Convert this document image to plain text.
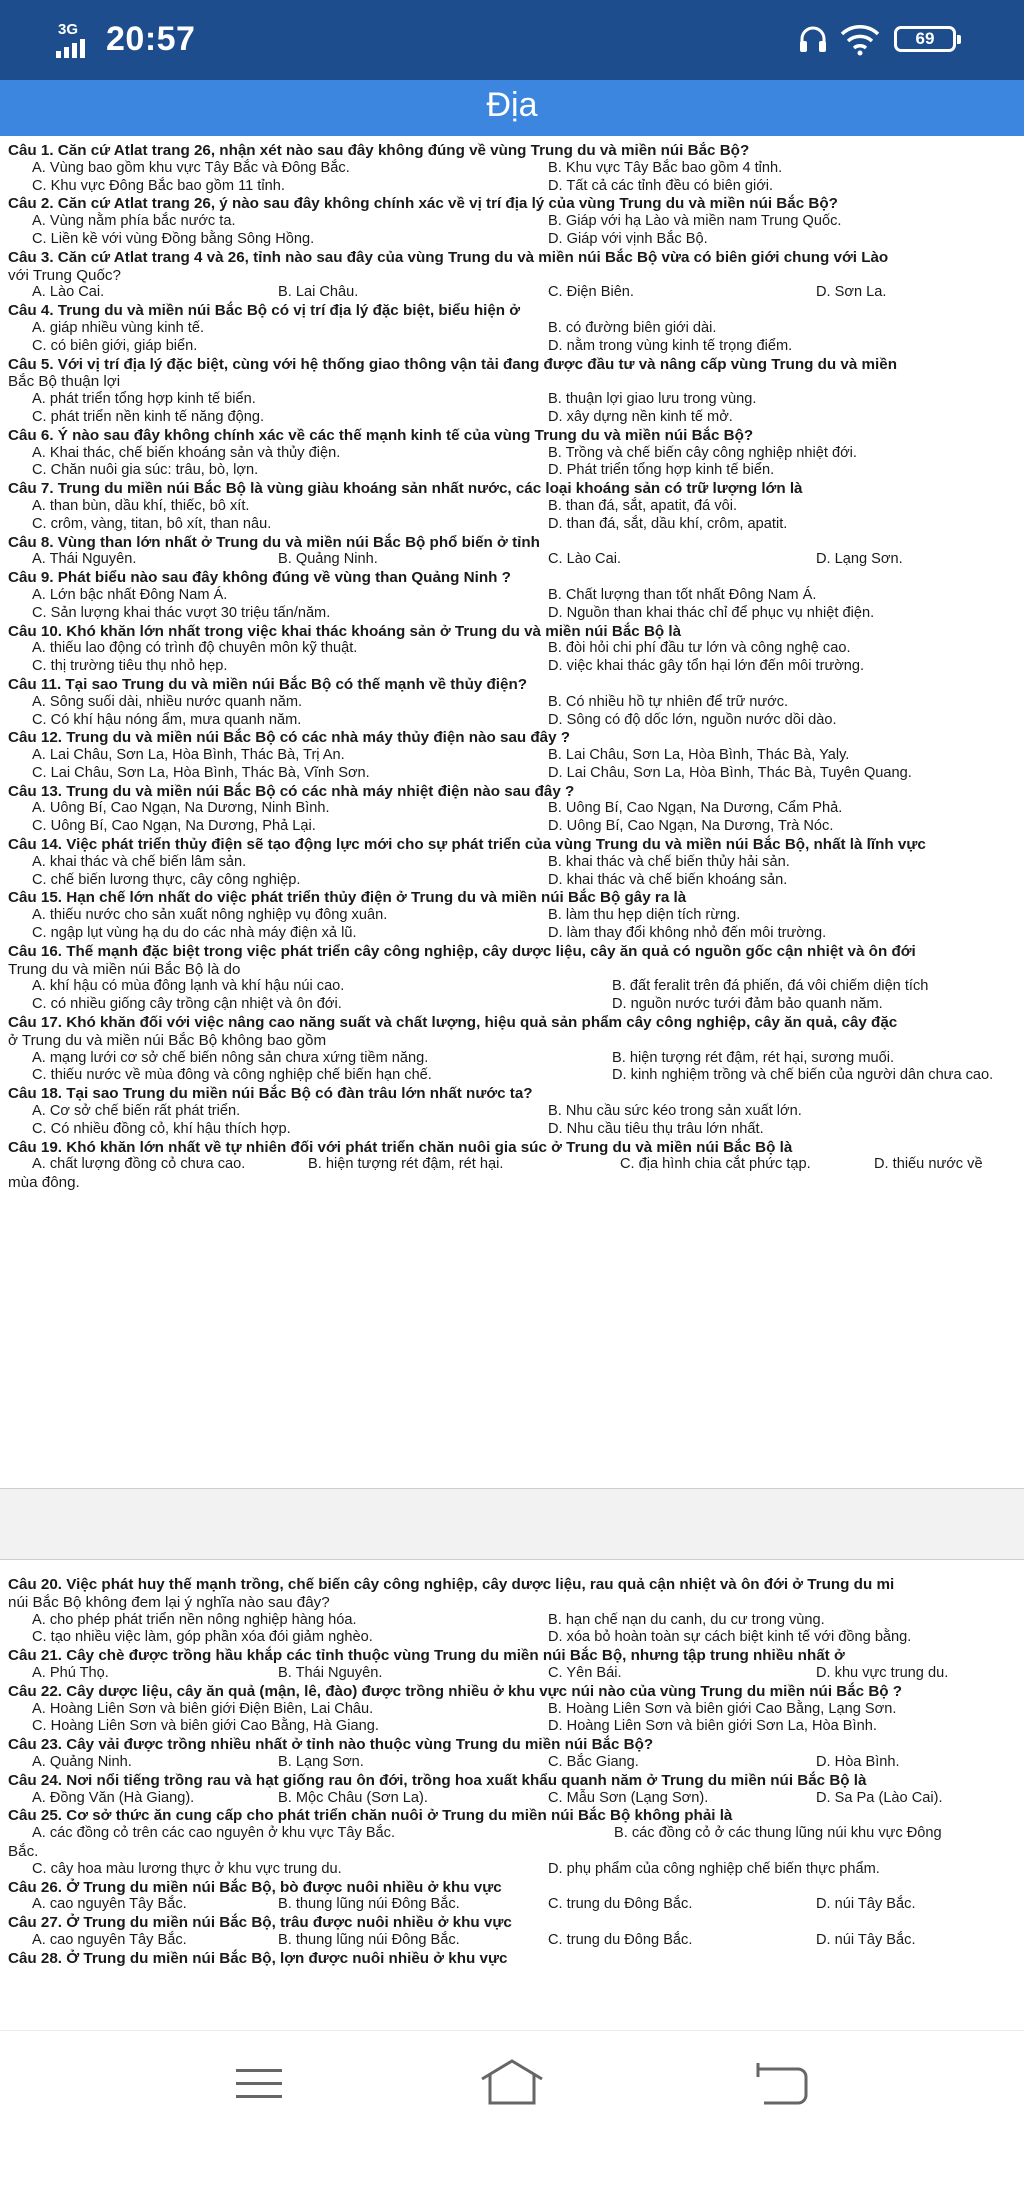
3G 20:57	69
Địa
Câu 1. Căn cứ Atlat trang 26, nhận xét nào sau đây không đúng về vùng Trung du và miền núi Bắc Bộ?
A. Vùng bao gồm khu vực Tây Bắc và Đông Bắc.	B. Khu vực Tây Bắc bao gồm 4 tỉnh.
C. Khu vực Đông Bắc bao gồm 11 tỉnh.	D. Tất cả các tỉnh đều có biên giới.
Câu 2. Căn cứ Atlat trang 26, ý nào sau đây không chính xác về vị trí địa lý của vùng Trung du và miền núi Bắc Bộ?
A. Vùng nằm phía bắc nước ta.	B. Giáp với hạ Lào và miền nam Trung Quốc.
C. Liền kề với vùng Đồng bằng Sông Hồng.	D. Giáp với vịnh Bắc Bộ.
Câu 3. Căn cứ Atlat trang 4 và 26, tỉnh nào sau đây của vùng Trung du và miền núi Bắc Bộ vừa có biên giới chung với Lào
với Trung Quốc?
A. Lào Cai.	B. Lai Châu.	C. Điện Biên.	D. Sơn La.
Câu 4. Trung du và miền núi Bắc Bộ có vị trí địa lý đặc biệt, biểu hiện ở
A. giáp nhiều vùng kinh tế.	B. có đường biên giới dài.
C. có biên giới, giáp biển.	D. nằm trong vùng kinh tế trọng điểm.
Câu 5. Với vị trí địa lý đặc biệt, cùng với hệ thống giao thông vận tải đang được đầu tư và nâng cấp vùng Trung du và miền
Bắc Bộ thuận lợi
A. phát triển tổng hợp kinh tế biển.	B. thuận lợi giao lưu trong vùng.
C. phát triển nền kinh tế năng động.	D. xây dựng nền kinh tế mở.
Câu 6. Ý nào sau đây không chính xác về các thế mạnh kinh tế của vùng Trung du và miền núi Bắc Bộ?
A. Khai thác, chế biến khoáng sản và thủy điện.	B. Trồng và chế biến cây công nghiệp nhiệt đới.
C. Chăn nuôi gia súc: trâu, bò, lợn.	D. Phát triển tổng hợp kinh tế biển.
Câu 7. Trung du miền núi Bắc Bộ là vùng giàu khoáng sản nhất nước, các loại khoáng sản có trữ lượng lớn là
A. than bùn, dầu khí, thiếc, bô xít.	B. than đá, sắt, apatit, đá vôi.
C. crôm, vàng, titan, bô xít, than nâu.	D. than đá, sắt, dầu khí, crôm, apatit.
Câu 8. Vùng than lớn nhất ở Trung du và miền núi Bắc Bộ phổ biến ở tỉnh
A. Thái Nguyên.	B. Quảng Ninh.	C. Lào Cai.	D. Lạng Sơn.
Câu 9. Phát biểu nào sau đây không đúng về vùng than Quảng Ninh ?
A. Lớn bậc nhất Đông Nam Á.	B. Chất lượng than tốt nhất Đông Nam Á.
C. Sản lượng khai thác vượt 30 triệu tấn/năm.	D. Nguồn than khai thác chỉ để phục vụ nhiệt điện.
Câu 10. Khó khăn lớn nhất trong việc khai thác khoáng sản ở Trung du và miền núi Bắc Bộ là
A. thiếu lao động có trình độ chuyên môn kỹ thuật.	B. đòi hỏi chi phí đầu tư lớn và công nghệ cao.
C. thị trường tiêu thụ nhỏ hẹp.	D. việc khai thác gây tổn hại lớn đến môi trường.
Câu 11. Tại sao Trung du và miền núi Bắc Bộ có thế mạnh về thủy điện?
A. Sông suối dài, nhiều nước quanh năm.	B. Có nhiều hồ tự nhiên để trữ nước.
C. Có khí hậu nóng ẩm, mưa quanh năm.	D. Sông có độ dốc lớn, nguồn nước dồi dào.
Câu 12. Trung du và miền núi Bắc Bộ có các nhà máy thủy điện nào sau đây ?
A. Lai Châu, Sơn La, Hòa Bình, Thác Bà, Trị An.	B. Lai Châu, Sơn La, Hòa Bình, Thác Bà, Yaly.
C. Lai Châu, Sơn La, Hòa Bình, Thác Bà, Vĩnh Sơn.	D. Lai Châu, Sơn La, Hòa Bình, Thác Bà, Tuyên Quang.
Câu 13. Trung du và miền núi Bắc Bộ có các nhà máy nhiệt điện nào sau đây ?
A. Uông Bí, Cao Ngạn, Na Dương, Ninh Bình.	B. Uông Bí, Cao Ngạn, Na Dương, Cẩm Phả.
C. Uông Bí, Cao Ngạn, Na Dương, Phả Lại.	D. Uông Bí, Cao Ngạn, Na Dương, Trà Nóc.
Câu 14. Việc phát triển thủy điện sẽ tạo động lực mới cho sự phát triển của vùng Trung du và miền núi Bắc Bộ, nhất là lĩnh vực
A. khai thác và chế biến lâm sản.	B. khai thác và chế biến thủy hải sản.
C. chế biến lương thực, cây công nghiệp.	D. khai thác và chế biến khoáng sản.
Câu 15. Hạn chế lớn nhất do việc phát triển thủy điện ở Trung du và miền núi Bắc Bộ gây ra là
A. thiếu nước cho sản xuất nông nghiệp vụ đông xuân.	B. làm thu hẹp diện tích rừng.
C. ngập lụt vùng hạ du do các nhà máy điện xả lũ.	D. làm thay đổi không nhỏ đến môi trường.
Câu 16. Thế mạnh đặc biệt trong việc phát triển cây công nghiệp, cây dược liệu, cây ăn quả có nguồn gốc cận nhiệt và ôn đới
Trung du và miền núi Bắc Bộ là do
A. khí hậu có mùa đông lạnh và khí hậu núi cao.	B. đất feralit trên đá phiến, đá vôi chiếm diện tích
C. có nhiều giống cây trồng cận nhiệt và ôn đới.	D. nguồn nước tưới đảm bảo quanh năm.
Câu 17. Khó khăn đối với việc nâng cao năng suất và chất lượng, hiệu quả sản phẩm cây công nghiệp, cây ăn quả, cây đặc
ở Trung du và miền núi Bắc Bộ không bao gồm
A. mạng lưới cơ sở chế biến nông sản chưa xứng tiềm năng.	B. hiện tượng rét đậm, rét hại, sương muối.
C. thiếu nước về mùa đông và công nghiệp chế biến hạn chế.	D. kinh nghiệm trồng và chế biến của người dân chưa cao.
Câu 18. Tại sao Trung du miền núi Bắc Bộ có đàn trâu lớn nhất nước ta?
A. Cơ sở chế biến rất phát triển.	B. Nhu cầu sức kéo trong sản xuất lớn.
C. Có nhiều đồng cỏ, khí hậu thích hợp.	D. Nhu cầu tiêu thụ trâu lớn nhất.
Câu 19. Khó khăn lớn nhất về tự nhiên đối với phát triển chăn nuôi gia súc ở Trung du và miền núi Bắc Bộ là
A. chất lượng đồng cỏ chưa cao.	B. hiện tượng rét đậm, rét hại.	C. địa hình chia cắt phức tạp.	D. thiếu nước về
mùa đông.
Câu 20. Việc phát huy thế mạnh trồng, chế biến cây công nghiệp, cây dược liệu, rau quả cận nhiệt và ôn đới ở Trung du mi
núi Bắc Bộ không đem lại ý nghĩa nào sau đây?
A. cho phép phát triển nền nông nghiệp hàng hóa.	B. hạn chế nạn du canh, du cư trong vùng.
C. tạo nhiều việc làm, góp phần xóa đói giảm nghèo.	D. xóa bỏ hoàn toàn sự cách biệt kinh tế với đồng bằng.
Câu 21. Cây chè được trồng hầu khắp các tỉnh thuộc vùng Trung du miền núi Bắc Bộ, nhưng tập trung nhiều nhất ở
A. Phú Thọ.	B. Thái Nguyên.	C. Yên Bái.	D. khu vực trung du.
Câu 22. Cây dược liệu, cây ăn quả (mận, lê, đào) được trồng nhiều ở khu vực núi nào của vùng Trung du miền núi Bắc Bộ ?
A. Hoàng Liên Sơn và biên giới Điện Biên, Lai Châu.	B. Hoàng Liên Sơn và biên giới Cao Bằng, Lạng Sơn.
C. Hoàng Liên Sơn và biên giới Cao Bằng, Hà Giang.	D. Hoàng Liên Sơn và biên giới Sơn La, Hòa Bình.
Câu 23. Cây vải được trồng nhiều nhất ở tỉnh nào thuộc vùng Trung du miền núi Bắc Bộ?
A. Quảng Ninh.	B. Lạng Sơn.	C. Bắc Giang.	D. Hòa Bình.
Câu 24. Nơi nổi tiếng trồng rau và hạt giống rau ôn đới, trồng hoa xuất khẩu quanh năm ở Trung du miền núi Bắc Bộ là
A. Đồng Văn (Hà Giang).	B. Mộc Châu (Sơn La).	C. Mẫu Sơn (Lạng Sơn).	D. Sa Pa (Lào Cai).
Câu 25. Cơ sở thức ăn cung cấp cho phát triển chăn nuôi ở Trung du miền núi Bắc Bộ không phải là
A. các đồng cỏ trên các cao nguyên ở khu vực Tây Bắc.	B. các đồng cỏ ở các thung lũng núi khu vực Đông
Bắc.
C. cây hoa màu lương thực ở khu vực trung du.	D. phụ phẩm của công nghiệp chế biến thực phẩm.
Câu 26. Ở Trung du miền núi Bắc Bộ, bò được nuôi nhiều ở khu vực
A. cao nguyên Tây Bắc.	B. thung lũng núi Đông Bắc.	C. trung du Đông Bắc.	D. núi Tây Bắc.
Câu 27. Ở Trung du miền núi Bắc Bộ, trâu được nuôi nhiều ở khu vực
A. cao nguyên Tây Bắc.	B. thung lũng núi Đông Bắc.	C. trung du Đông Bắc.	D. núi Tây Bắc.
Câu 28. Ở Trung du miền núi Bắc Bộ, lợn được nuôi nhiều ở khu vực
